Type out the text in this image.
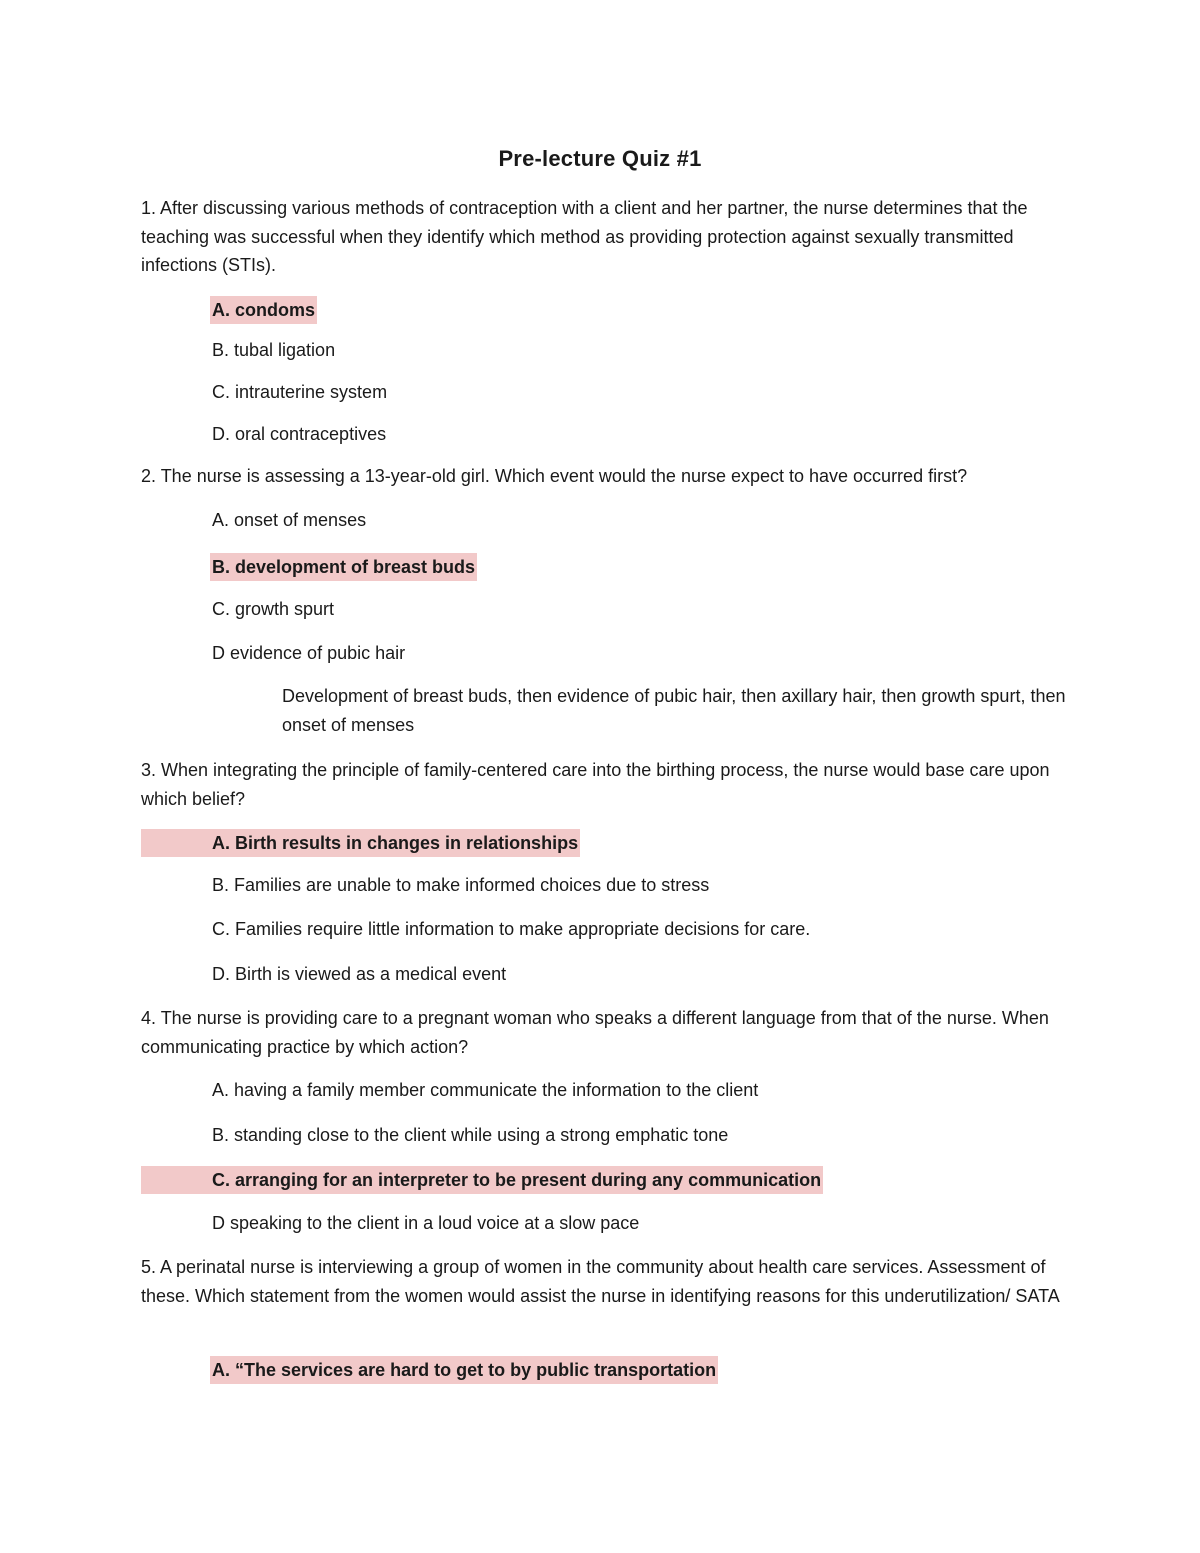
Pre-lecture Quiz #1
1. After discussing various methods of contraception with a client and her partner, the nurse determines that the teaching was successful when they identify which method as providing protection against sexually transmitted infections (STIs).
A. condoms
B. tubal ligation
C. intrauterine system
D. oral contraceptives
2. The nurse is assessing a 13-year-old girl. Which event would the nurse expect to have occurred first?
A. onset of menses
B. development of breast buds
C. growth spurt
D evidence of pubic hair
Development of breast buds, then evidence of pubic hair, then axillary hair, then growth spurt, then onset of menses
3. When integrating the principle of family-centered care into the birthing process, the nurse would base care upon which belief?
A. Birth results in changes in relationships
B. Families are unable to make informed choices due to stress
C. Families require little information to make appropriate decisions for care.
D. Birth is viewed as a medical event
4. The nurse is providing care to a pregnant woman who speaks a different language from that of the nurse. When communicating practice by which action?
A. having a family member communicate the information to the client
B. standing close to the client while using a strong emphatic tone
C. arranging for an interpreter to be present during any communication
D speaking to the client in a loud voice at a slow pace
5. A perinatal nurse is interviewing a group of women in the community about health care services. Assessment of these. Which statement from the women would assist the nurse in identifying reasons for this underutilization/ SATA
A. “The services are hard to get to by public transportation
